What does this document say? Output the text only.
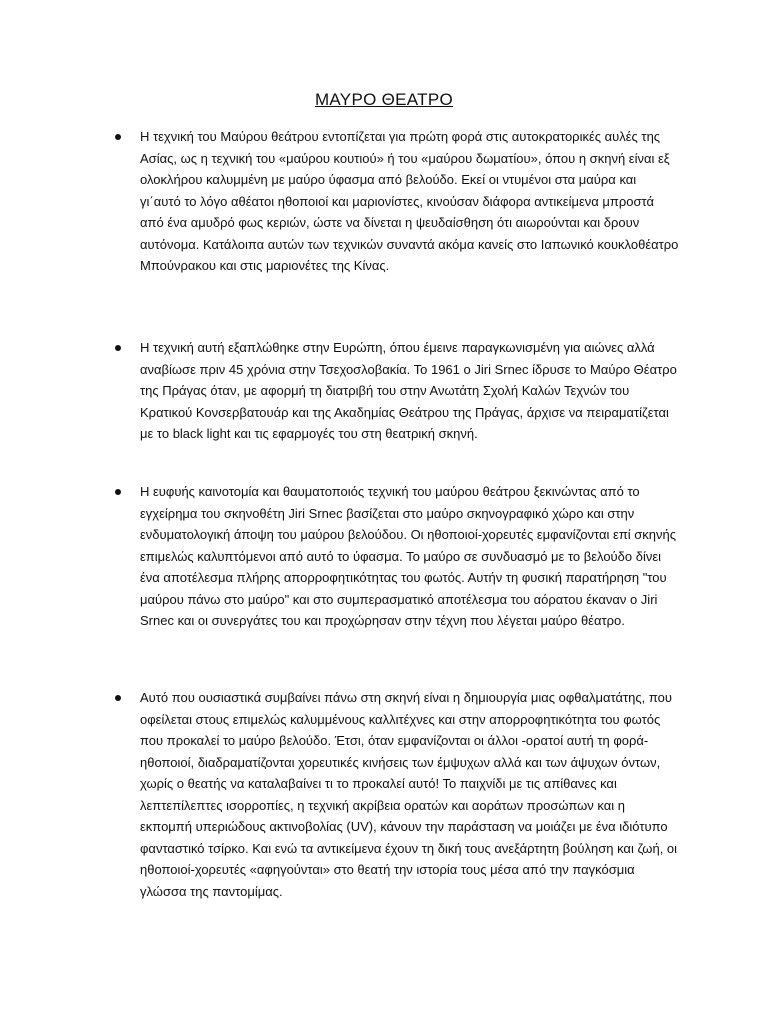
ΜΑΥΡΟ ΘΕΑΤΡΟ
Η τεχνική του Μαύρου θεάτρου εντοπίζεται για πρώτη φορά στις αυτοκρατορικές αυλές της Ασίας, ως η τεχνική του «μαύρου κουτιού» ή του «μαύρου δωματίου», όπου η σκηνή είναι εξ ολοκλήρου καλυμμένη με μαύρο ύφασμα από βελούδο. Εκεί οι ντυμένοι στα μαύρα και γι΄αυτό το λόγο αθέατοι ηθοποιοί και μαριονίστες, κινούσαν διάφορα αντικείμενα μπροστά από ένα αμυδρό φως κεριών, ώστε να δίνεται η ψευδαίσθηση ότι αιωρούνται και δρουν αυτόνομα. Κατάλοιπα αυτών των τεχνικών συναντά ακόμα κανείς στο Ιαπωνικό κουκλοθέατρο Μπούνρακου και στις μαριονέτες της Κίνας.
Η τεχνική αυτή εξαπλώθηκε στην Ευρώπη, όπου έμεινε παραγκωνισμένη για αιώνες αλλά αναβίωσε πριν 45 χρόνια στην Τσεχοσλοβακία. Το 1961 ο Jiri Srnec ίδρυσε το Μαύρο Θέατρο της Πράγας όταν, με αφορμή τη διατριβή του στην Ανωτάτη Σχολή Καλών Τεχνών του Κρατικού Κονσερβατουάρ και της Ακαδημίας Θεάτρου της Πράγας, άρχισε να πειραματίζεται με το black light και τις εφαρμογές του στη θεατρική σκηνή.
Η ευφυής καινοτομία και θαυματοποιός τεχνική του μαύρου θεάτρου ξεκινώντας από το εγχείρημα του σκηνοθέτη Jiri Srnec βασίζεται στο μαύρο σκηνογραφικό χώρο και στην ενδυματολογική άποψη του μαύρου βελούδου. Οι ηθοποιοί-χορευτές εμφανίζονται επί σκηνής επιμελώς καλυπτόμενοι από αυτό το ύφασμα. Το μαύρο σε συνδυασμό με το βελούδο δίνει ένα αποτέλεσμα πλήρης απορροφητικότητας του φωτός. Αυτήν τη φυσική παρατήρηση "του μαύρου πάνω στο μαύρο" και στο συμπερασματικό αποτέλεσμα του αόρατου έκαναν ο Jiri Srnec και οι συνεργάτες του και προχώρησαν στην τέχνη που λέγεται μαύρο θέατρο.
Αυτό που ουσιαστικά συμβαίνει πάνω στη σκηνή είναι η δημιουργία μιας οφθαλματάτης, που οφείλεται στους επιμελώς καλυμμένους καλλιτέχνες και στην απορροφητικότητα του φωτός που προκαλεί το μαύρο βελούδο. Έτσι, όταν εμφανίζονται οι άλλοι -ορατοί αυτή τη φορά- ηθοποιοί, διαδραματίζονται χορευτικές κινήσεις των έμψυχων αλλά και των άψυχων όντων, χωρίς ο θεατής να καταλαβαίνει τι το προκαλεί αυτό! Το παιχνίδι με τις απίθανες και λεπτεπίλεπτες ισορροπίες, η τεχνική ακρίβεια ορατών και αοράτων προσώπων και η εκπομπή υπεριώδους ακτινοβολίας (UV), κάνουν την παράσταση να μοιάζει με ένα ιδιότυπο φανταστικό τσίρκο. Και ενώ τα αντικείμενα έχουν τη δική τους ανεξάρτητη βούληση και ζωή, οι ηθοποιοί-χορευτές «αφηγούνται» στο θεατή την ιστορία τους μέσα από την παγκόσμια γλώσσα της παντομίμας.
